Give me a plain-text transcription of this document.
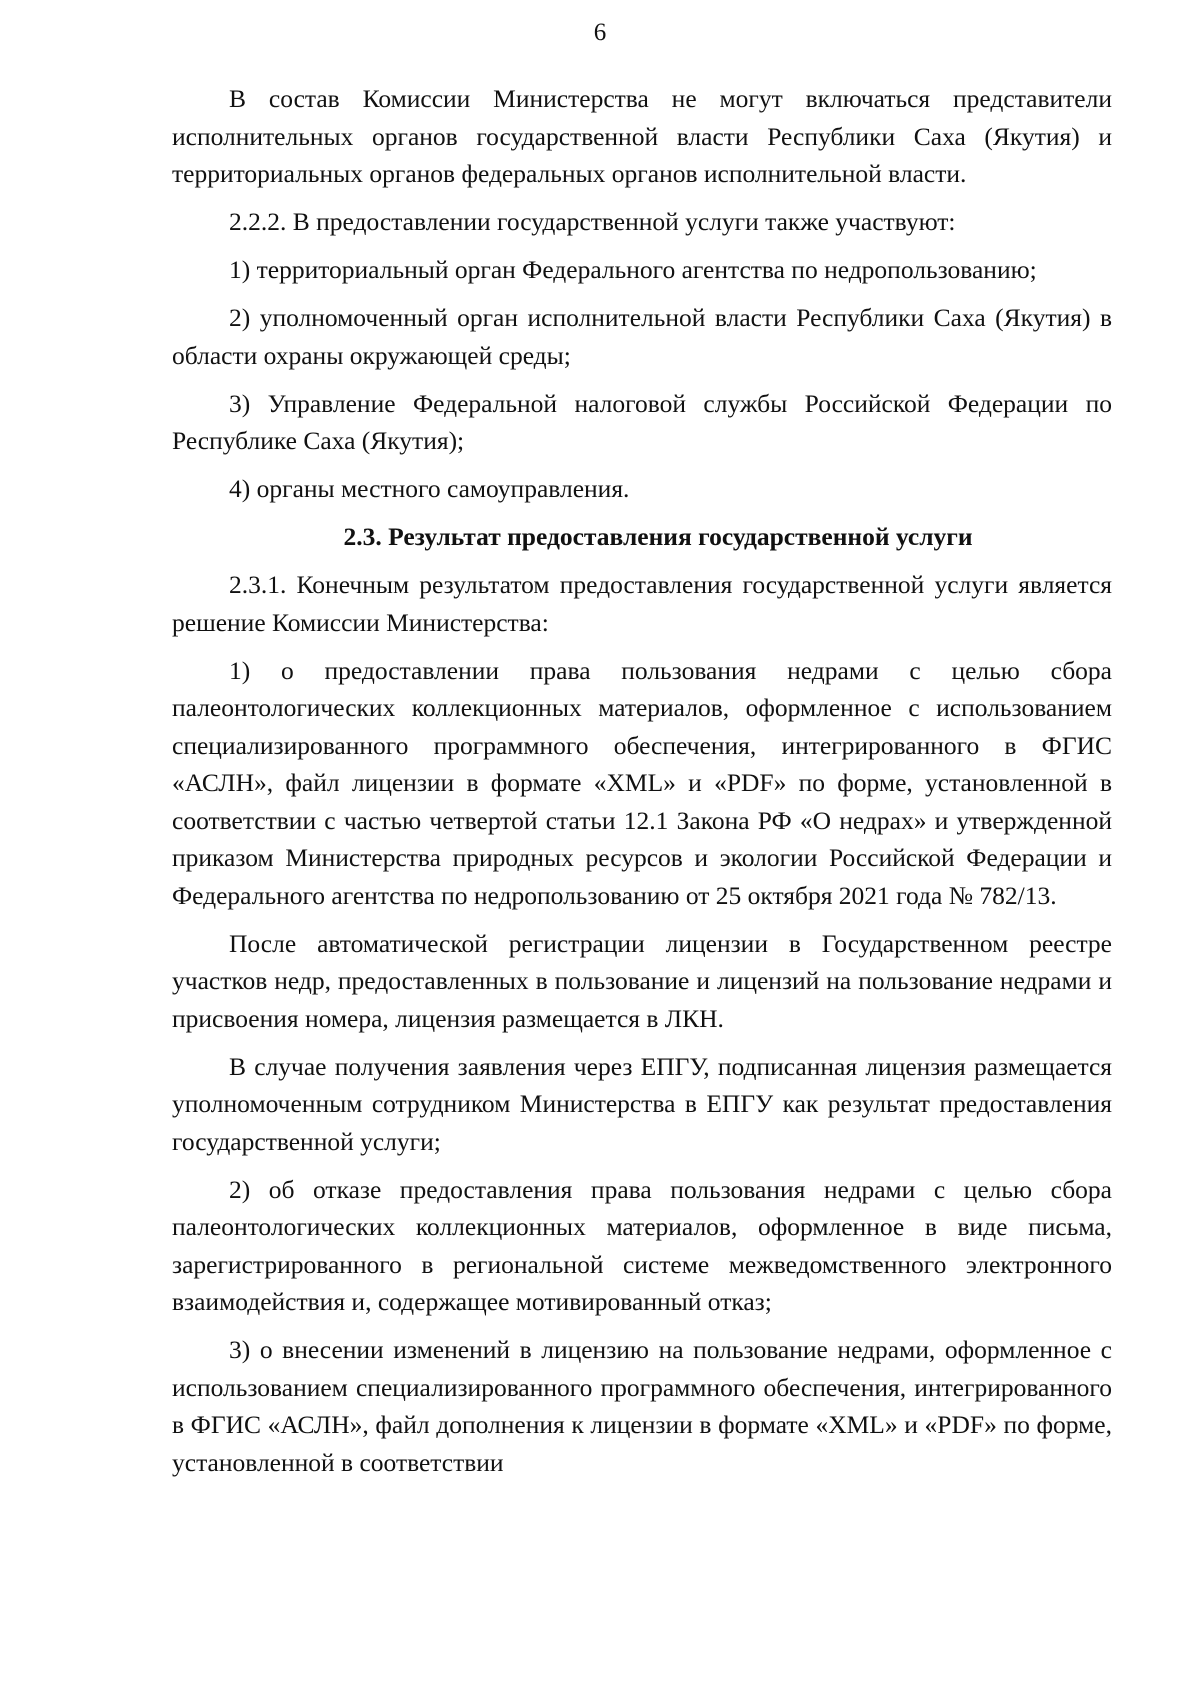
6

В состав Комиссии Министерства не могут включаться представители исполнительных органов государственной власти Республики Саха (Якутия) и территориальных органов федеральных органов исполнительной власти.

2.2.2. В предоставлении государственной услуги также участвуют:

1) территориальный орган Федерального агентства по недропользованию;

2) уполномоченный орган исполнительной власти Республики Саха (Якутия) в области охраны окружающей среды;

3) Управление Федеральной налоговой службы Российской Федерации по Республике Саха (Якутия);

4) органы местного самоуправления.

2.3. Результат предоставления государственной услуги

2.3.1. Конечным результатом предоставления государственной услуги является решение Комиссии Министерства:

1) о предоставлении права пользования недрами с целью сбора палеонтологических коллекционных материалов, оформленное с использованием специализированного программного обеспечения, интегрированного в ФГИС «АСЛН», файл лицензии в формате «XML» и «PDF» по форме, установленной в соответствии с частью четвертой статьи 12.1 Закона РФ «О недрах» и утвержденной приказом Министерства природных ресурсов и экологии Российской Федерации и Федерального агентства по недропользованию от 25 октября 2021 года № 782/13.

После автоматической регистрации лицензии в Государственном реестре участков недр, предоставленных в пользование и лицензий на пользование недрами и присвоения номера, лицензия размещается в ЛКН.

В случае получения заявления через ЕПГУ, подписанная лицензия размещается уполномоченным сотрудником Министерства в ЕПГУ как результат предоставления государственной услуги;

2) об отказе предоставления права пользования недрами с целью сбора палеонтологических коллекционных материалов, оформленное в виде письма, зарегистрированного в региональной системе межведомственного электронного взаимодействия и, содержащее мотивированный отказ;

3) о внесении изменений в лицензию на пользование недрами, оформленное с использованием специализированного программного обеспечения, интегрированного в ФГИС «АСЛН», файл дополнения к лицензии в формате «XML» и «PDF» по форме, установленной в соответствии
